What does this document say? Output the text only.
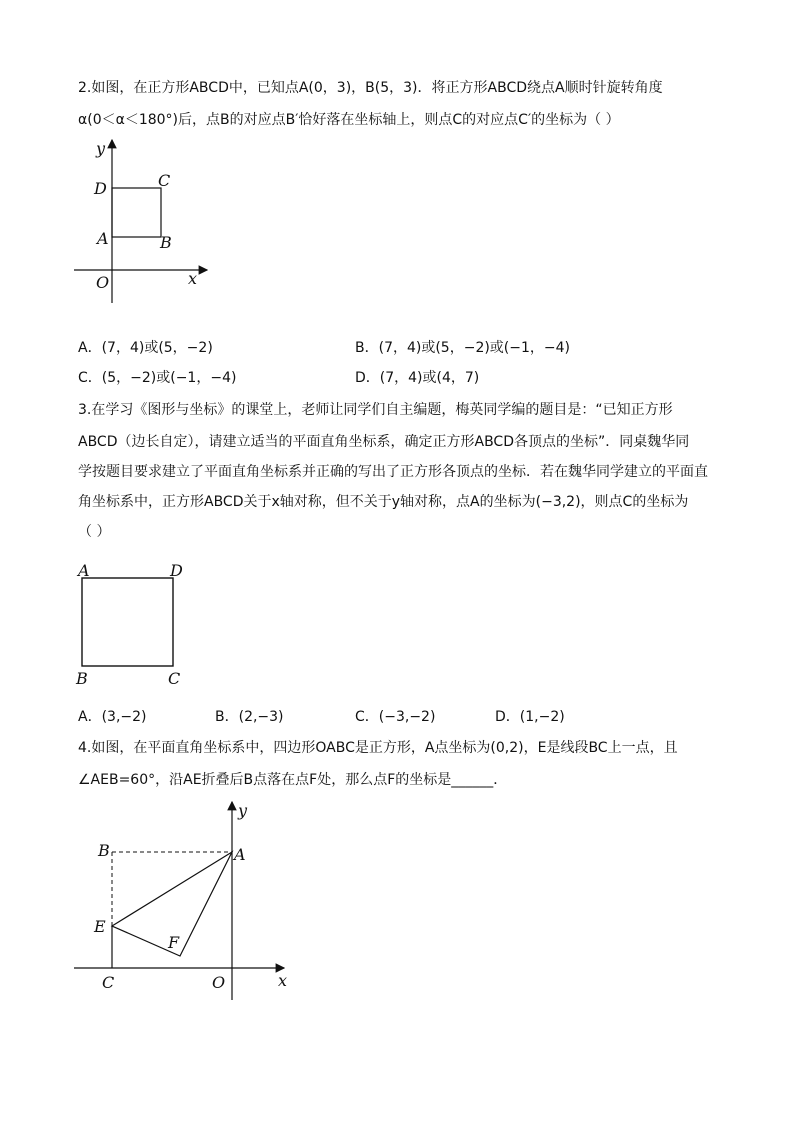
2.如图，在正方形ABCD中，已知点A(0，3)，B(5，3)．将正方形ABCD绕点A顺时针旋转角度
α(0＜α＜180°)后，点B的对应点B′恰好落在坐标轴上，则点C的对应点C′的坐标为（ ）
y
x
O
D	C
A	B
A．(7，4)或(5，−2)	B．(7，4)或(5，−2)或(−1，−4)
C．(5，−2)或(−1，−4)	D．(7，4)或(4，7)
3.在学习《图形与坐标》的课堂上，老师让同学们自主编题，梅英同学编的题目是：“已知正方形
ABCD（边长自定），请建立适当的平面直角坐标系，确定正方形ABCD各顶点的坐标”．同桌魏华同
学按题目要求建立了平面直角坐标系并正确的写出了正方形各顶点的坐标．若在魏华同学建立的平面直
角坐标系中，正方形ABCD关于x轴对称，但不关于y轴对称，点A的坐标为(−3,2)，则点C的坐标为
（ ）
A	D
B	C
A．(3,−2)	B．(2,−3)	C．(−3,−2)	D．(1,−2)
4.如图，在平面直角坐标系中，四边形OABC是正方形，A点坐标为(0,2)，E是线段BC上一点，且
∠AEB=60°，沿AE折叠后B点落在点F处，那么点F的坐标是______．
y
x
O
C
B	A
E
F
